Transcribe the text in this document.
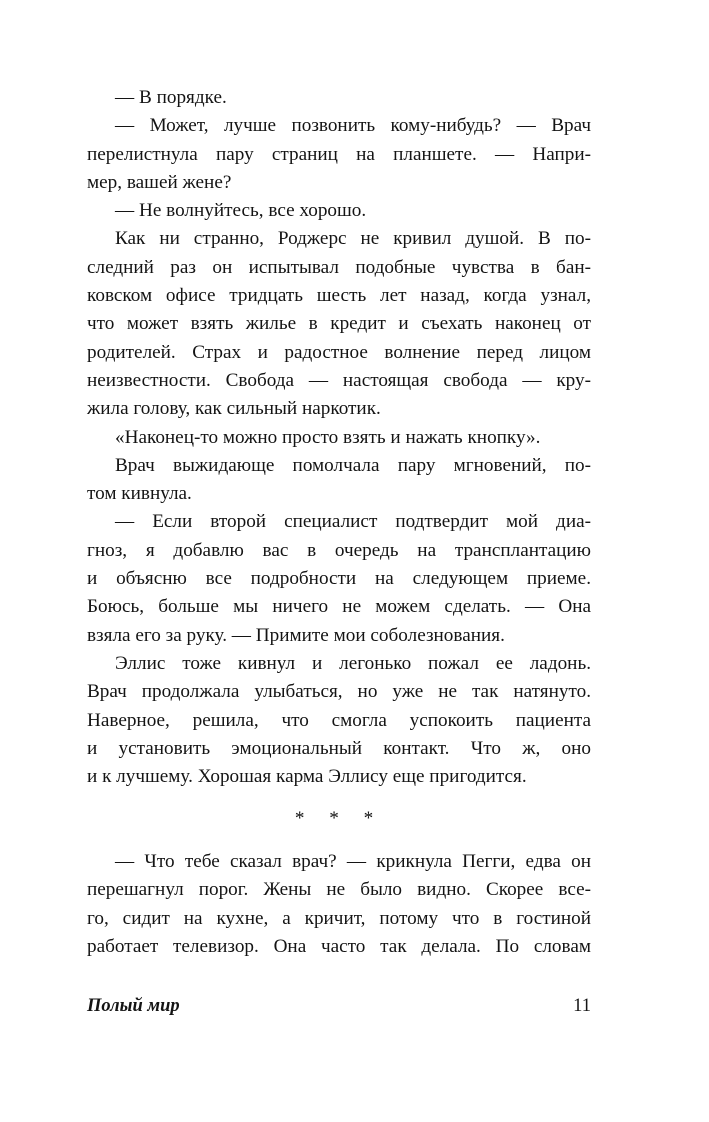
— В порядке.
— Может, лучше позвонить кому-нибудь? — Врач
перелистнула пару страниц на планшете. — Напри-
мер, вашей жене?
— Не волнуйтесь, все хорошо.
Как ни странно, Роджерс не кривил душой. В по-
следний раз он испытывал подобные чувства в бан-
ковском офисе тридцать шесть лет назад, когда узнал,
что может взять жилье в кредит и съехать наконец от
родителей. Страх и радостное волнение перед лицом
неизвестности. Свобода — настоящая свобода — кру-
жила голову, как сильный наркотик.
«Наконец-то можно просто взять и нажать кнопку».
Врач выжидающе помолчала пару мгновений, по-
том кивнула.
— Если второй специалист подтвердит мой диа-
гноз, я добавлю вас в очередь на трансплантацию
и объясню все подробности на следующем приеме.
Боюсь, больше мы ничего не можем сделать. — Она
взяла его за руку. — Примите мои соболезнования.
Эллис тоже кивнул и легонько пожал ее ладонь.
Врач продолжала улыбаться, но уже не так натянуто.
Наверное, решила, что смогла успокоить пациента
и установить эмоциональный контакт. Что ж, оно
и к лучшему. Хорошая карма Эллису еще пригодится.
* * *
— Что тебе сказал врач? — крикнула Пегги, едва он
перешагнул порог. Жены не было видно. Скорее все-
го, сидит на кухне, а кричит, потому что в гостиной
работает телевизор. Она часто так делала. По словам
Полый мир	11
